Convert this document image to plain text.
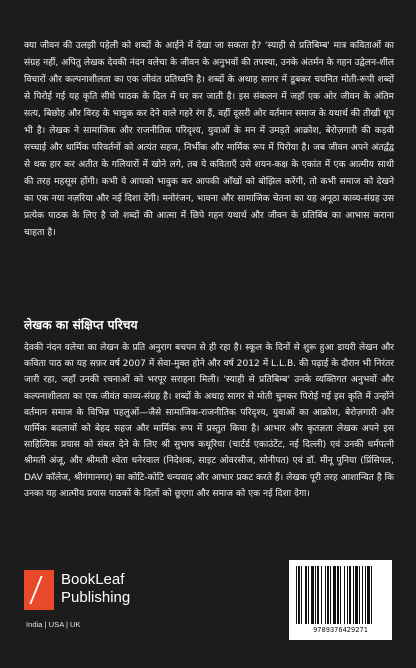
क्या जीवन की उलझी पहेली को शब्दों के आईने में देखा जा सकता है? 'स्याही से प्रतिबिम्ब' मात्र कविताओं का संग्रह नहीं, अपितु लेखक देवकी नंदन वलेचा के जीवन के अनुभवों की तपस्या, उनके अंतर्मन के गहन उद्वेलन-शील विचारों और कल्पनाशीलता का एक जीवंत प्रतिध्वनि है। शब्दों के अथाह सागर में डूबकर चयनित मोती-रूपी शब्दों से पिरोई गई यह कृति सीधे पाठक के दिल में घर कर जाती है। इस संकलन में जहाँ एक ओर जीवन के अंतिम सत्य, बिछोह और विरह के भावुक कर देने वाले गहरे रंग हैं, वहीं दूसरी ओर वर्तमान समाज के यथार्थ की तीखी धूप भी है। लेखक ने सामाजिक और राजनीतिक परिदृश्य, युवाओं के मन में उमड़ते आक्रोश, बेरोज़गारी की कड़वी सच्चाई और धार्मिक परिवर्तनों को अत्यंत सहज, निर्भीक और मार्मिक रूप में पिरोया है। जब जीवन अपने अंतर्द्वंद्व से थक हार कर अतीत के गलियारों में खोने लगे, तब ये कविताएँ उसे शयन-कक्ष के एकांत में एक आत्मीय साथी की तरह महसूस होंगी। कभी ये आपको भावुक कर आपकी आँखों को बोझिल करेंगी, तो कभी समाज को देखने का एक नया नज़रिया और नई दिशा देंगी। मनोरंजन, भावना और सामाजिक चेतना का यह अनूठा काव्य-संग्रह उस प्रत्येक पाठक के लिए है जो शब्दों की आत्मा में छिपे गहन यथार्थ और जीवन के प्रतिबिंब का आभास कराना चाहता है।

लेखक का संक्षिप्त परिचय

देवकी नंदन वलेचा का लेखन के प्रति अनुराग बचपन से ही रहा है। स्कूल के दिनों से शुरू हुआ डायरी लेखन और कविता पाठ का यह सफ़र वर्ष 2007 में सेवा-मुक्त होने और वर्ष 2012 में L.L.B. की पढ़ाई के दौरान भी निरंतर जारी रहा, जहाँ उनकी रचनाओं को भरपूर सराहना मिली। 'स्याही से प्रतिबिम्ब' उनके व्यक्तिगत अनुभवों और कल्पनाशीलता का एक जीवंत काव्य-संग्रह है। शब्दों के अथाह सागर से मोती चुनकर पिरोई गई इस कृति में उन्होंने वर्तमान समाज के विभिन्न पहलुओं—जैसे सामाजिक-राजनीतिक परिदृश्य, युवाओं का आक्रोश, बेरोज़गारी और धार्मिक बदलावों को बेहद सहज और मार्मिक रूप में प्रस्तुत किया है। आभार और कृतज्ञता लेखक अपने इस साहित्यिक प्रयास को संबल देने के लिए श्री सुभाष कथूरिया (चार्टर्ड एकाउंटेंट, नई दिल्ली) एवं उनकी धर्मपत्नी श्रीमती अंजू, और श्रीमती श्वेता धनेरवाल (निदेशक, साइट ओवरसीज, सोनीपत) एवं डॉ. मीनू पुनिया (प्रिंसिपल, DAV कॉलेज, श्रीगंगानगर) का कोटि-कोटि धन्यवाद और आभार प्रकट करते हैं। लेखक पूरी तरह आशान्वित है कि उनका यह आत्मीय प्रयास पाठकों के दिलों को छूएगा और समाज को एक नई दिशा देगा।

BookLeaf
Publishing
India | USA | UK
9789376429271
